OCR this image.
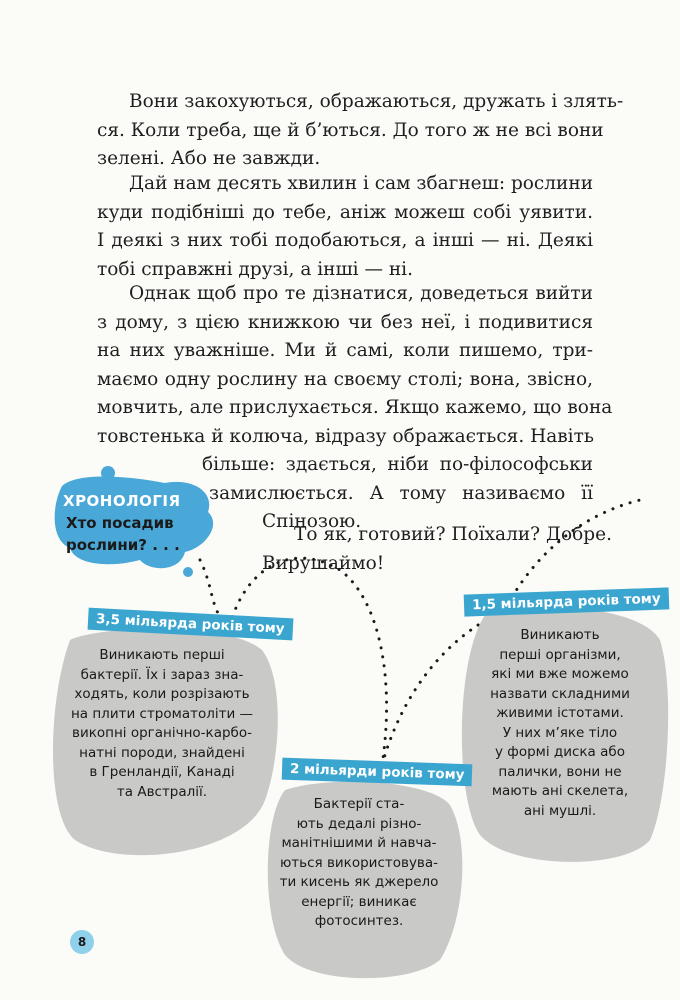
Вони закохуються, ображаються, дружать і злять-
ся. Коли треба, ще й б’ються. До того ж не всі вони
зелені. Або не завжди.

Дай нам десять хвилин і сам збагнеш: рослини
куди подібніші до тебе, аніж можеш собі уявити.
І деякі з них тобі подобаються, а інші — ні. Деякі
тобі справжні друзі, а інші — ні.

Однак щоб про те дізнатися, доведеться вийти
з дому, з цією книжкою чи без неї, і подивитися
на них уважніше. Ми й самі, коли пишемо, три-
маємо одну рослину на своєму столі; вона, звісно,
мовчить, але прислухається. Якщо кажемо, що вона
товстенька й колюча, відразу ображається. Навіть
більше: здається, ніби по-філософськи
замислюється. А тому називаємо її
Спінозою.

То як, готовий? Поїхали? Добре.
Вирушаймо!

ХРОНОЛОГІЯ
Хто посадив
рослини? . . .
3,5 мільярда років тому
2 мільярди років тому
1,5 мільярда років тому

Виникають перші
бактерії. Їх і зараз зна-
ходять, коли розрізають
на плити строматоліти —
викопні органічно-карбо-
натні породи, знайдені
в Гренландії, Канаді
та Австралії.

Бактерії ста-
ють дедалі різно-
манітнішими й навча-
ються використовува-
ти кисень як джерело
енергії; виникає
фотосинтез.

Виникають
перші організми,
які ми вже можемо
назвати складними
живими істотами.
У них м’яке тіло
у формі диска або
палички, вони не
мають ані скелета,
ані мушлі.

8
